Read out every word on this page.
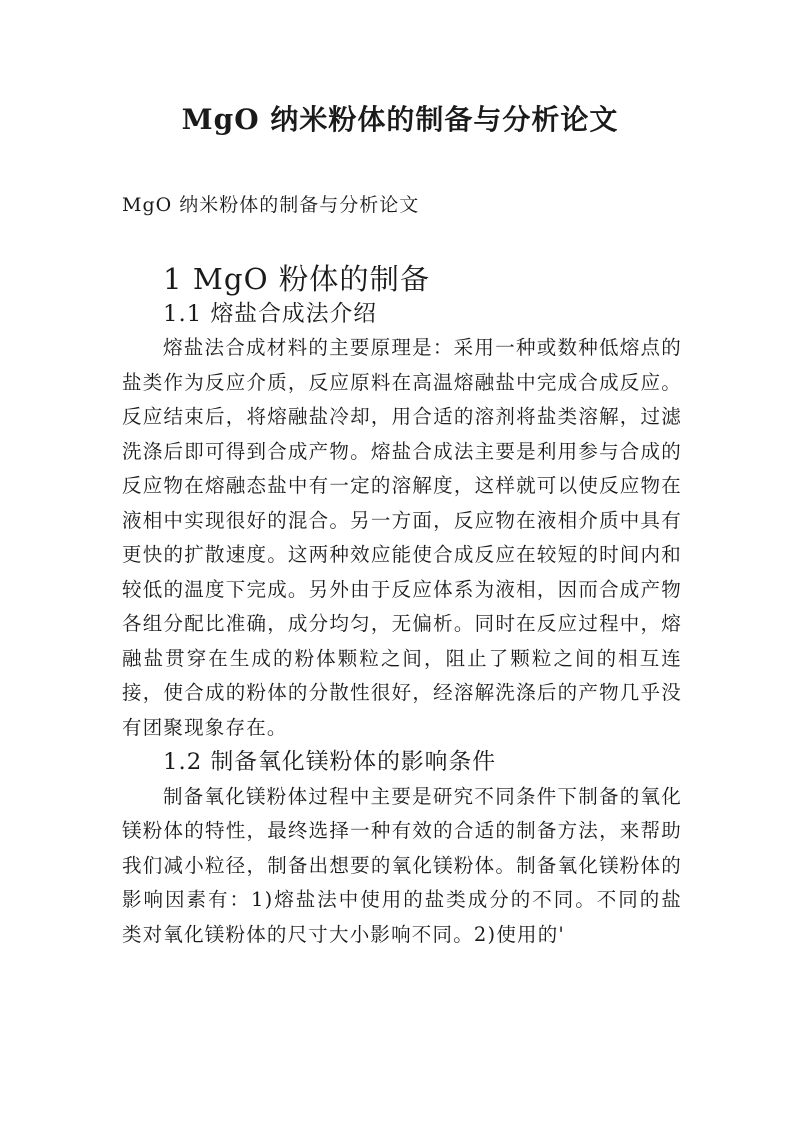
MgO 纳米粉体的制备与分析论文

MgO 纳米粉体的制备与分析论文

1 MgO 粉体的制备
1.1 熔盐合成法介绍

熔盐法合成材料的主要原理是：采用一种或数种低熔点的盐类作为反应介质，反应原料在高温熔融盐中完成合成反应。反应结束后，将熔融盐冷却，用合适的溶剂将盐类溶解，过滤洗涤后即可得到合成产物。熔盐合成法主要是利用参与合成的反应物在熔融态盐中有一定的溶解度，这样就可以使反应物在液相中实现很好的混合。另一方面，反应物在液相介质中具有更快的扩散速度。这两种效应能使合成反应在较短的时间内和较低的温度下完成。另外由于反应体系为液相，因而合成产物各组分配比准确，成分均匀，无偏析。同时在反应过程中，熔融盐贯穿在生成的粉体颗粒之间，阻止了颗粒之间的相互连接，使合成的粉体的分散性很好，经溶解洗涤后的产物几乎没有团聚现象存在。

1.2 制备氧化镁粉体的影响条件

制备氧化镁粉体过程中主要是研究不同条件下制备的氧化镁粉体的特性，最终选择一种有效的合适的制备方法，来帮助我们减小粒径，制备出想要的氧化镁粉体。制备氧化镁粉体的影响因素有：1)熔盐法中使用的盐类成分的不同。不同的盐类对氧化镁粉体的尺寸大小影响不同。2)使用的'
